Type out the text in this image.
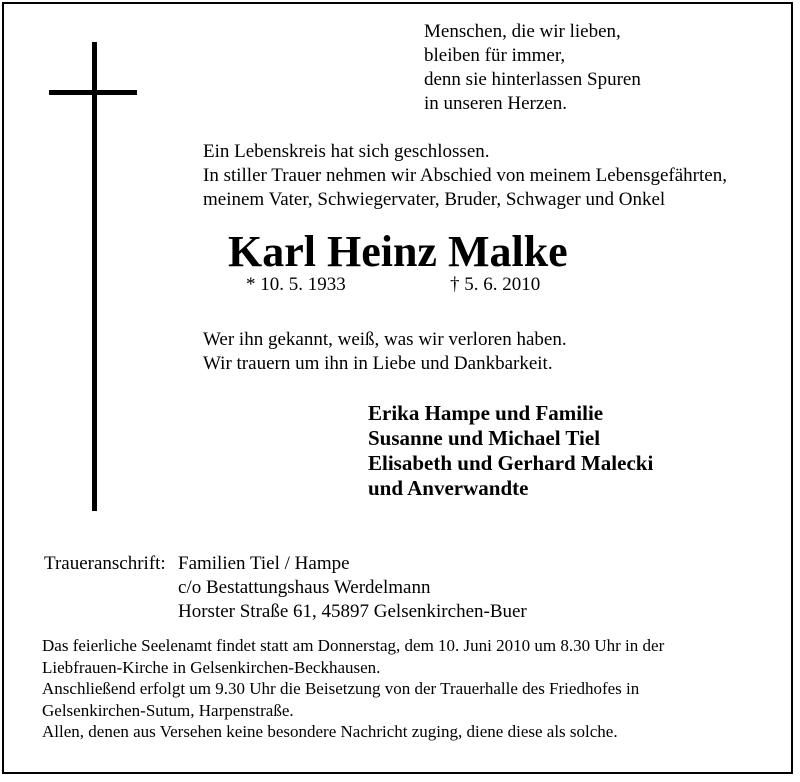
Menschen, die wir lieben,
bleiben für immer,
denn sie hinterlassen Spuren
in unseren Herzen.
Ein Lebenskreis hat sich geschlossen.
In stiller Trauer nehmen wir Abschied von meinem Lebensgefährten,
meinem Vater, Schwiegervater, Bruder, Schwager und Onkel
Karl Heinz Malke
* 10. 5. 1933	† 5. 6. 2010
Wer ihn gekannt, weiß, was wir verloren haben.
Wir trauern um ihn in Liebe und Dankbarkeit.
Erika Hampe und Familie
Susanne und Michael Tiel
Elisabeth und Gerhard Malecki
und Anverwandte
Traueranschrift: Familien Tiel / Hampe
c/o Bestattungshaus Werdelmann
Horster Straße 61, 45897 Gelsenkirchen-Buer
Das feierliche Seelenamt findet statt am Donnerstag, dem 10. Juni 2010 um 8.30 Uhr in der
Liebfrauen-Kirche in Gelsenkirchen-Beckhausen.
Anschließend erfolgt um 9.30 Uhr die Beisetzung von der Trauerhalle des Friedhofes in
Gelsenkirchen-Sutum, Harpenstraße.
Allen, denen aus Versehen keine besondere Nachricht zuging, diene diese als solche.
